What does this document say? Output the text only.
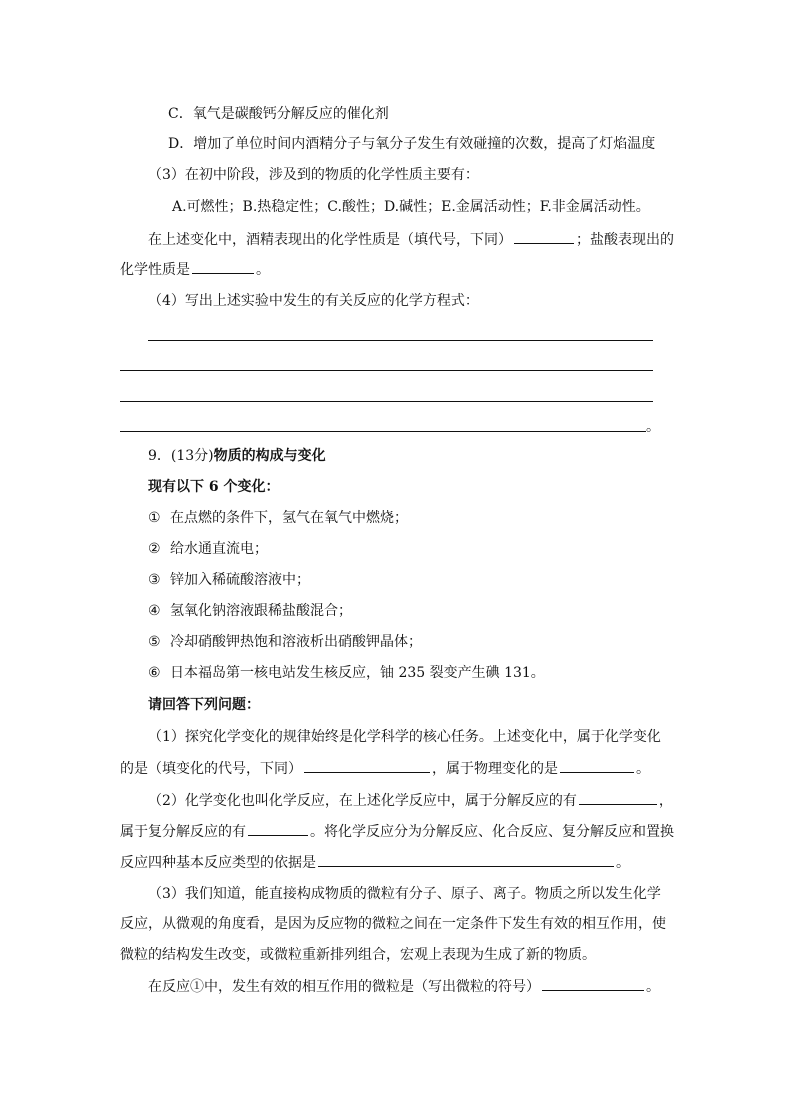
C．氧气是碳酸钙分解反应的催化剂
D．增加了单位时间内酒精分子与氧分子发生有效碰撞的次数，提高了灯焰温度
（3）在初中阶段，涉及到的物质的化学性质主要有：
A.可燃性；B.热稳定性；C.酸性；D.碱性；E.金属活动性；F.非金属活动性。
在上述变化中，酒精表现出的化学性质是（填代号，下同）	；盐酸表现出的
化学性质是	。
（4）写出上述实验中发生的有关反应的化学方程式：
。
9．(13分)物质的构成与变化
现有以下 6 个变化：
① 在点燃的条件下，氢气在氧气中燃烧；
② 给水通直流电；
③ 锌加入稀硫酸溶液中；
④ 氢氧化钠溶液跟稀盐酸混合；
⑤ 冷却硝酸钾热饱和溶液析出硝酸钾晶体；
⑥ 日本福岛第一核电站发生核反应，铀 235 裂变产生碘 131。
请回答下列问题：
（1）探究化学变化的规律始终是化学科学的核心任务。上述变化中，属于化学变化
的是（填变化的代号，下同）	，属于物理变化的是	。
（2）化学变化也叫化学反应，在上述化学反应中，属于分解反应的有	，
属于复分解反应的有	。将化学反应分为分解反应、化合反应、复分解反应和置换
反应四种基本反应类型的依据是	。
（3）我们知道，能直接构成物质的微粒有分子、原子、离子。物质之所以发生化学
反应，从微观的角度看，是因为反应物的微粒之间在一定条件下发生有效的相互作用，使
微粒的结构发生改变，或微粒重新排列组合，宏观上表现为生成了新的物质。
在反应①中，发生有效的相互作用的微粒是（写出微粒的符号）	。
